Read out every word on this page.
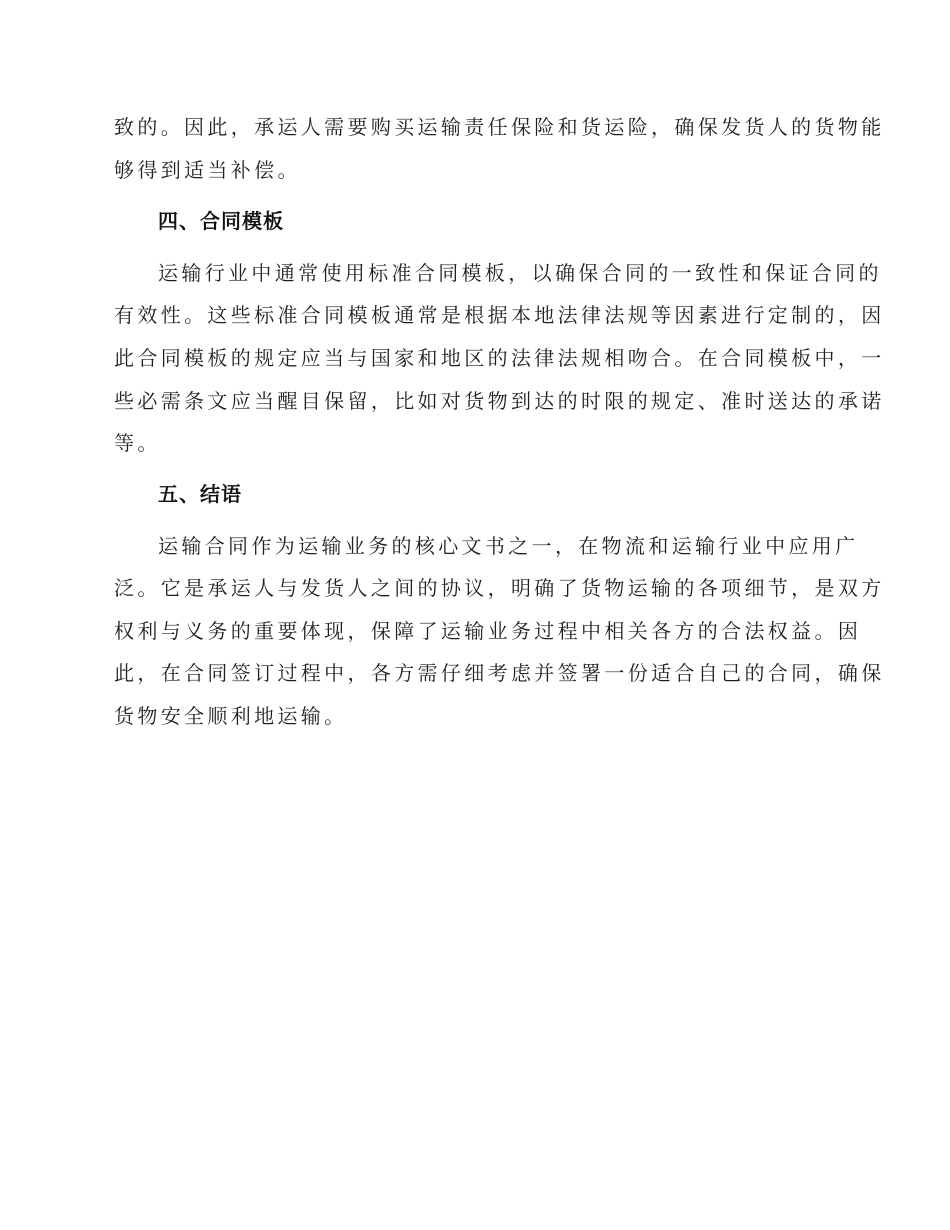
致的。因此，承运人需要购买运输责任保险和货运险，确保发货人的货物能
够得到适当补偿。
四、合同模板
运输行业中通常使用标准合同模板，以确保合同的一致性和保证合同的
有效性。这些标准合同模板通常是根据本地法律法规等因素进行定制的，因
此合同模板的规定应当与国家和地区的法律法规相吻合。在合同模板中，一
些必需条文应当醒目保留，比如对货物到达的时限的规定、准时送达的承诺
等。
五、结语
运输合同作为运输业务的核心文书之一，在物流和运输行业中应用广
泛。它是承运人与发货人之间的协议，明确了货物运输的各项细节，是双方
权利与义务的重要体现，保障了运输业务过程中相关各方的合法权益。因
此，在合同签订过程中，各方需仔细考虑并签署一份适合自己的合同，确保
货物安全顺利地运输。
